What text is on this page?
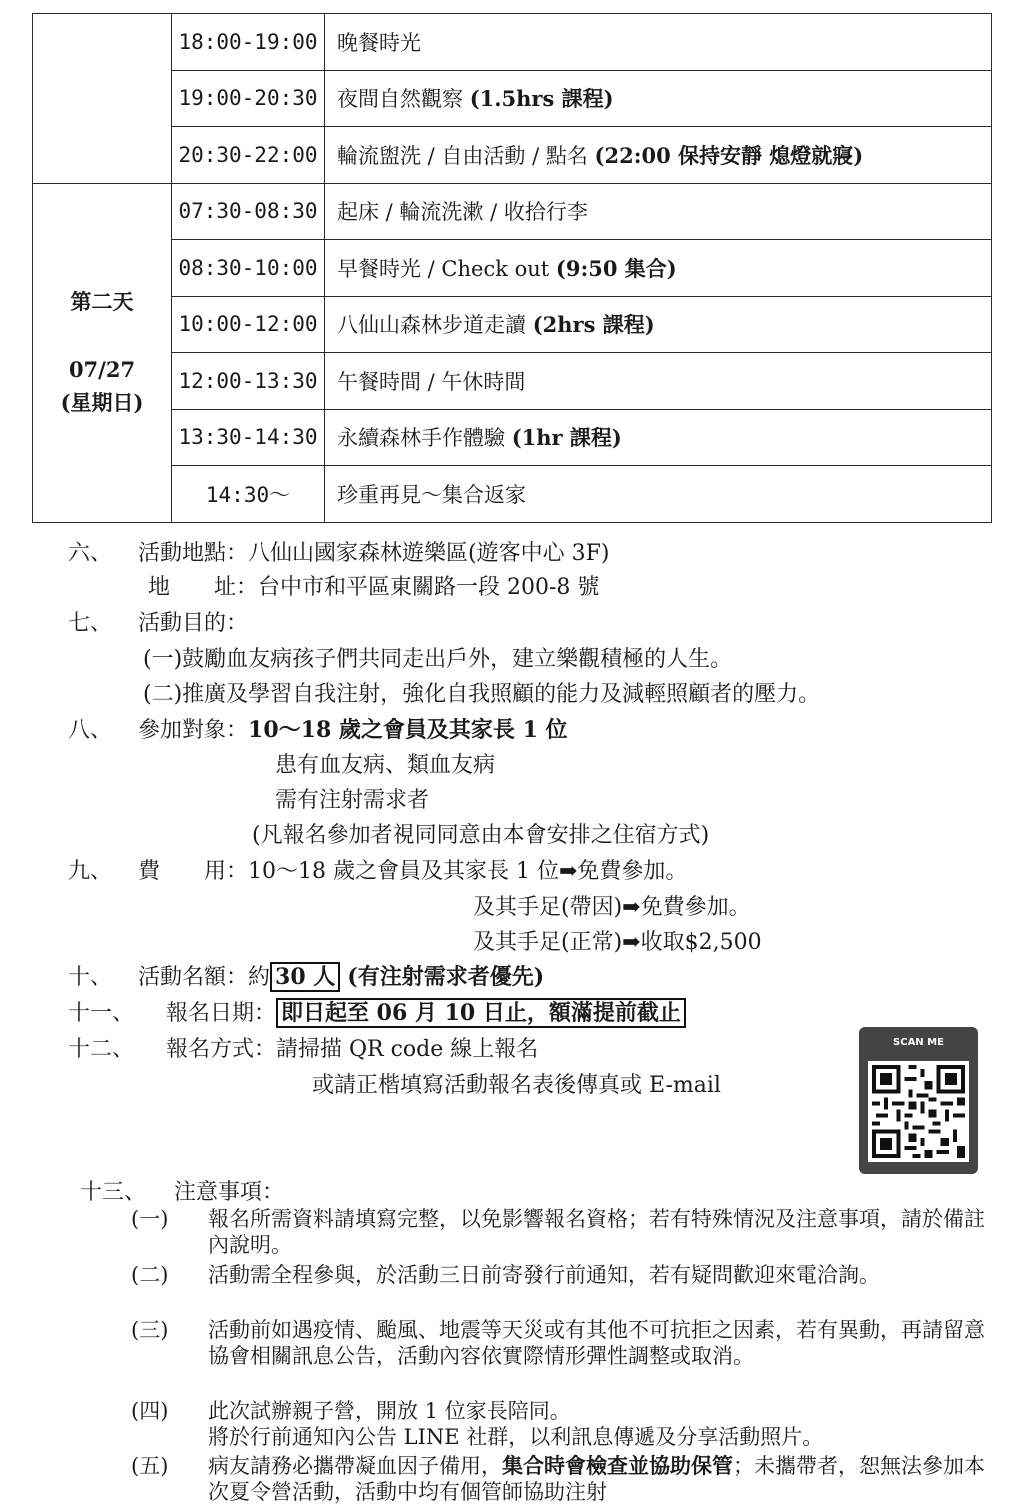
	18:00-19:00	晚餐時光
	19:00-20:30	夜間自然觀察 (1.5hrs 課程)
	20:30-22:00	輪流盥洗 / 自由活動 / 點名 (22:00 保持安靜 熄燈就寢)

第二天
07/27
(星期日)	07:30-08:30	起床 / 輪流洗漱 / 收拾行李
	08:30-10:00	早餐時光 / Check out (9:50 集合)
	10:00-12:00	八仙山森林步道走讀 (2hrs 課程)
	12:00-13:30	午餐時間 / 午休時間
	13:30-14:30	永續森林手作體驗 (1hr 課程)
	14:30～	珍重再見～集合返家
六、 活動地點：八仙山國家森林遊樂區(遊客中心 3F)
地　　址：台中市和平區東關路一段 200-8 號
七、 活動目的：
(一)鼓勵血友病孩子們共同走出戶外，建立樂觀積極的人生。
(二)推廣及學習自我注射，強化自我照顧的能力及減輕照顧者的壓力。
八、 參加對象：10～18 歲之會員及其家長 1 位
患有血友病、類血友病
需有注射需求者
(凡報名參加者視同同意由本會安排之住宿方式)
九、 費　　用：10～18 歲之會員及其家長 1 位➡免費參加。
及其手足(帶因)➡免費參加。
及其手足(正常)➡收取$2,500
十、 活動名額：約 30 人 (有注射需求者優先)
十一、 報名日期： 即日起至 06 月 10 日止，額滿提前截止
十二、 報名方式：請掃描 QR code 線上報名
或請正楷填寫活動報名表後傳真或 E-mail
SCAN ME
十三、 注意事項：
(一) 報名所需資料請填寫完整，以免影響報名資格；若有特殊情況及注意事項，請於備註內說明。
(二) 活動需全程參與，於活動三日前寄發行前通知，若有疑問歡迎來電洽詢。
(三) 活動前如遇疫情、颱風、地震等天災或有其他不可抗拒之因素，若有異動，再請留意協會相關訊息公告，活動內容依實際情形彈性調整或取消。
(四) 此次試辦親子營，開放 1 位家長陪同。
將於行前通知內公告 LINE 社群，以利訊息傳遞及分享活動照片。
(五) 病友請務必攜帶凝血因子備用，集合時會檢查並協助保管；未攜帶者，恕無法參加本次夏令營活動，活動中均有個管師協助注射
